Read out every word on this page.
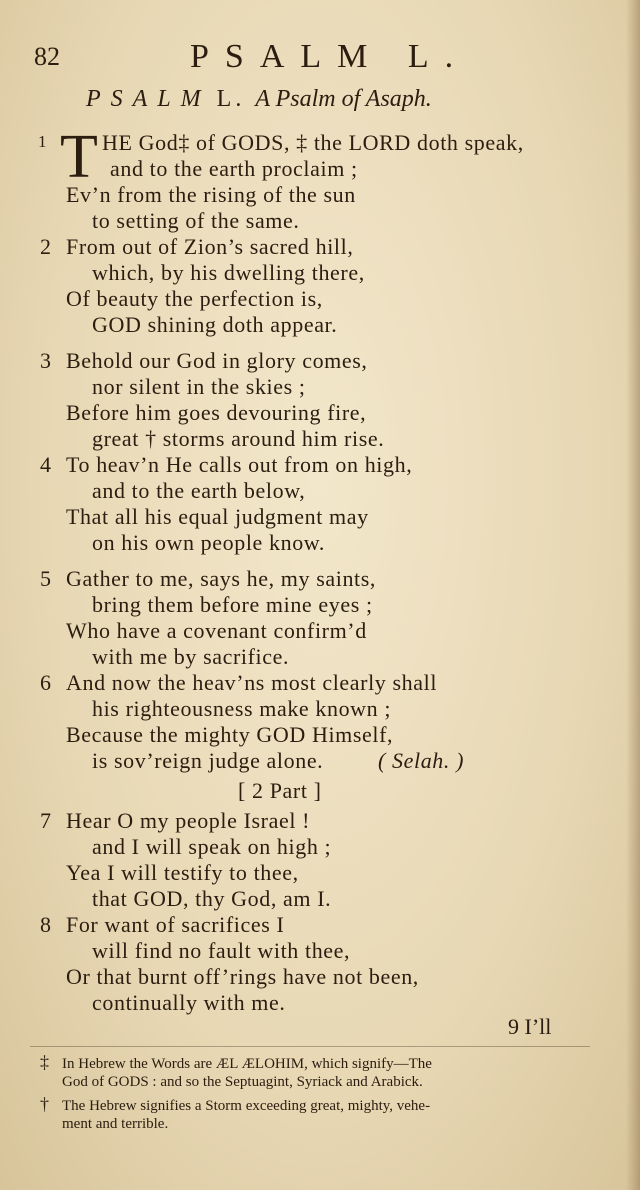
82	PSALM L.
PSALM L. A Psalm of Asaph.
1 T HE God‡ of GODS, ‡ the LORD doth speak,
and to the earth proclaim ;
Ev’n from the rising of the sun
to setting of the same.
2 From out of Zion’s sacred hill,
which, by his dwelling there,
Of beauty the perfection is,
GOD shining doth appear.
3 Behold our God in glory comes,
nor silent in the skies ;
Before him goes devouring fire,
great † storms around him rise.
4 To heav’n He calls out from on high,
and to the earth below,
That all his equal judgment may
on his own people know.
5 Gather to me, says he, my saints,
bring them before mine eyes ;
Who have a covenant confirm’d
with me by sacrifice.
6 And now the heav’ns most clearly shall
his righteousness make known ;
Because the mighty GOD Himself,
is sov’reign judge alone. ( Selah. )
[ 2 Part ]
7 Hear O my people Israel !
and I will speak on high ;
Yea I will testify to thee,
that GOD, thy God, am I.
8 For want of sacrifices I
will find no fault with thee,
Or that burnt off’rings have not been,
continually with me.
9 I’ll
‡ In Hebrew the Words are ÆL ÆLOHIM, which signify—The
God of GODS : and so the Septuagint, Syriack and Arabick.
† The Hebrew signifies a Storm exceeding great, mighty, vehe-
ment and terrible.
